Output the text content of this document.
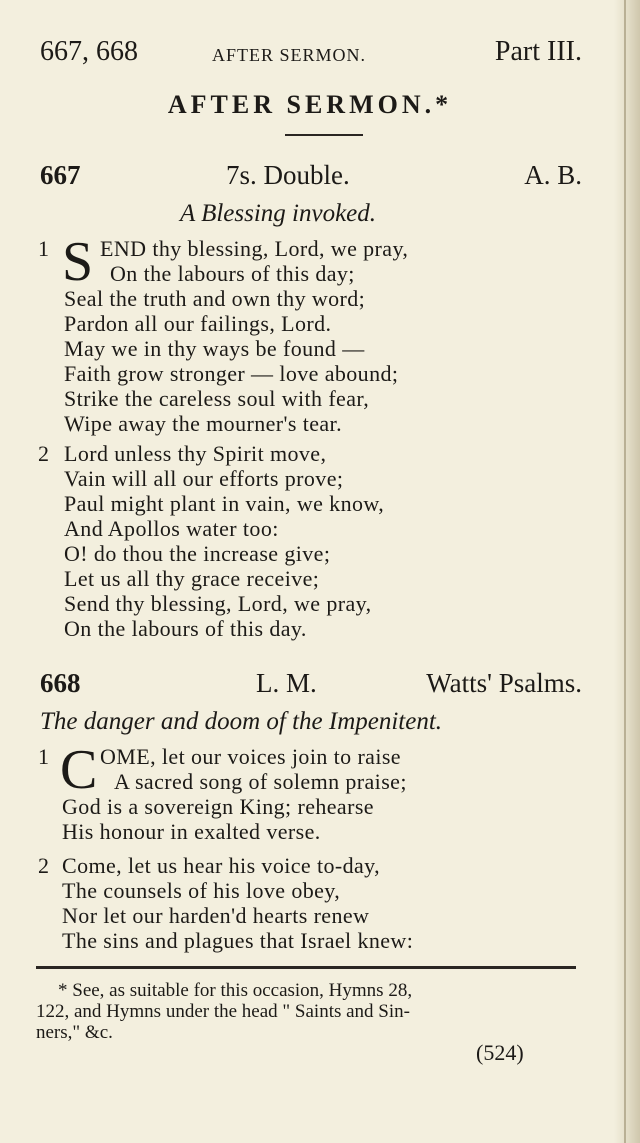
667, 668	AFTER SERMON.	Part III.
AFTER SERMON.*
667	7s. Double.	A. B.
A Blessing invoked.
1 S END thy blessing, Lord, we pray,
On the labours of this day;
Seal the truth and own thy word;
Pardon all our failings, Lord.
May we in thy ways be found —
Faith grow stronger — love abound;
Strike the careless soul with fear,
Wipe away the mourner's tear.
2 Lord unless thy Spirit move,
Vain will all our efforts prove;
Paul might plant in vain, we know,
And Apollos water too:
O! do thou the increase give;
Let us all thy grace receive;
Send thy blessing, Lord, we pray,
On the labours of this day.
668	L. M.	Watts' Psalms.
The danger and doom of the Impenitent.
1 C OME, let our voices join to raise
A sacred song of solemn praise;
God is a sovereign King; rehearse
His honour in exalted verse.
2 Come, let us hear his voice to-day,
The counsels of his love obey,
Nor let our harden'd hearts renew
The sins and plagues that Israel knew:
* See, as suitable for this occasion, Hymns 28,
122, and Hymns under the head " Saints and Sin-
ners," &c.
(524)
